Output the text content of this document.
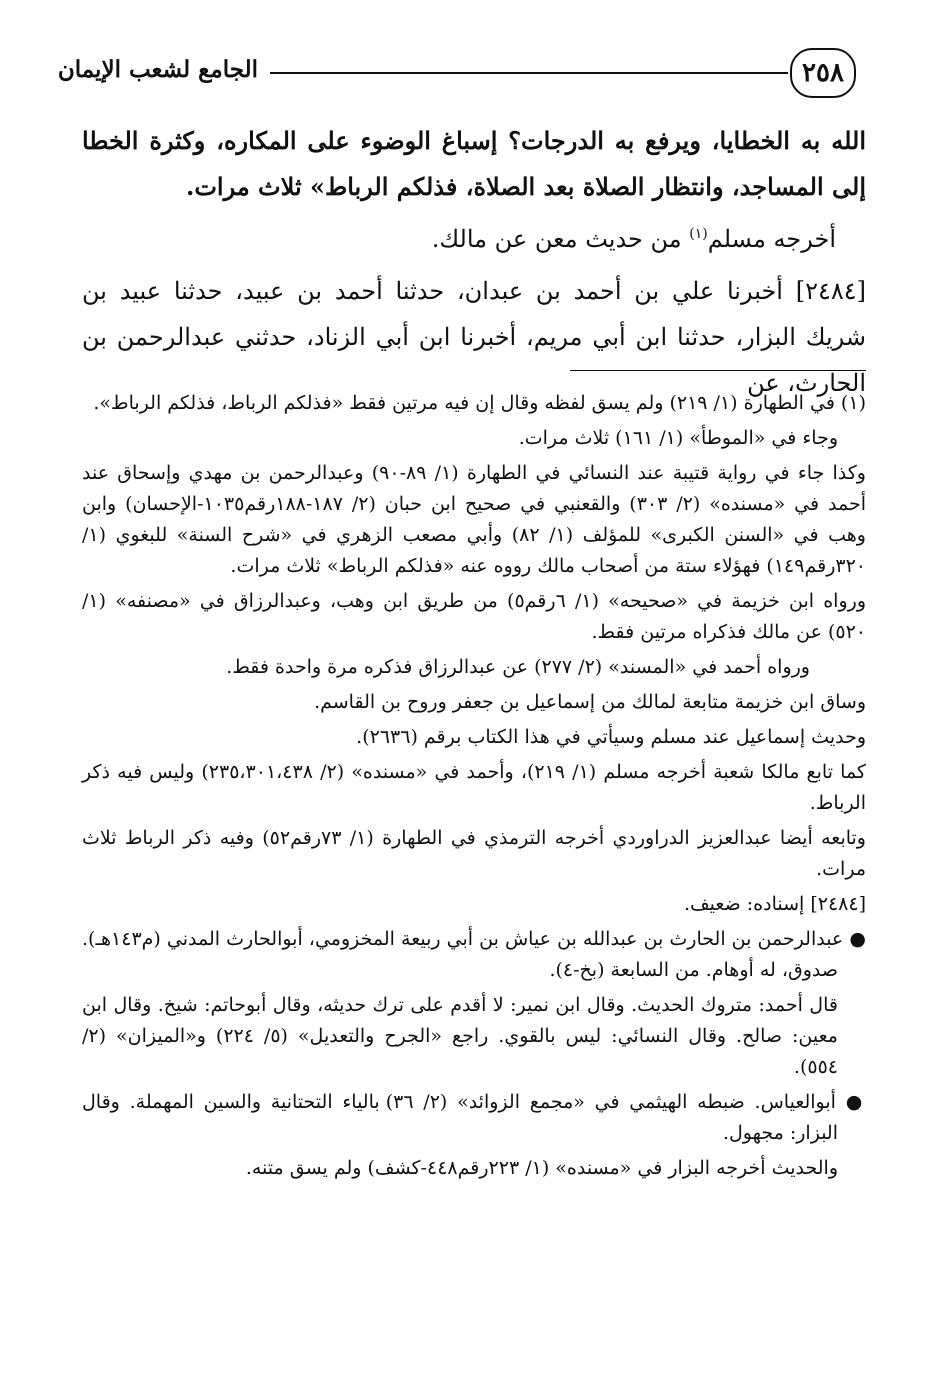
٢٥٨
الجامع لشعب الإيمان

الله به الخطايا، ويرفع به الدرجات؟ إسباغ الوضوء على المكاره، وكثرة الخطا إلى المساجد، وانتظار الصلاة بعد الصلاة، فذلكم الرباط» ثلاث مرات.

أخرجه مسلم$^{(١)}$ من حديث معن عن مالك.

[٢٤٨٤] أخبرنا علي بن أحمد بن عبدان، حدثنا أحمد بن عبيد، حدثنا عبيد بن شريك البزار، حدثنا ابن أبي مريم، أخبرنا ابن أبي الزناد، حدثني عبدالرحمن بن الحارث، عن

(١) في الطهارة (١/ ٢١٩) ولم يسق لفظه وقال إن فيه مرتين فقط «فذلكم الرباط، فذلكم الرباط».

وجاء في «الموطأ» (١/ ١٦١) ثلاث مرات.

وكذا جاء في رواية قتيبة عند النسائي في الطهارة (١/ ٨٩-٩٠) وعبدالرحمن بن مهدي وإسحاق عند أحمد في «مسنده» (٢/ ٣٠٣) والقعنبي في صحيح ابن حبان (٢/ ١٨٧-١٨٨رقم١٠٣٥-الإحسان) وابن وهب في «السنن الكبرى» للمؤلف (١/ ٨٢) وأبي مصعب الزهري في «شرح السنة» للبغوي (١/ ٣٢٠رقم١٤٩) فهؤلاء ستة من أصحاب مالك رووه عنه «فذلكم الرباط» ثلاث مرات.

ورواه ابن خزيمة في «صحيحه» (١/ ٦رقم٥) من طريق ابن وهب، وعبدالرزاق في «مصنفه» (١/ ٥٢٠) عن مالك فذكراه مرتين فقط.

ورواه أحمد في «المسند» (٢/ ٢٧٧) عن عبدالرزاق فذكره مرة واحدة فقط.

وساق ابن خزيمة متابعة لمالك من إسماعيل بن جعفر وروح بن القاسم.

وحديث إسماعيل عند مسلم وسيأتي في هذا الكتاب برقم (٢٦٣٦).

كما تابع مالكا شعبة أخرجه مسلم (١/ ٢١٩)، وأحمد في «مسنده» (٢/ ٢٣٥،٣٠١،٤٣٨) وليس فيه ذكر الرباط.

وتابعه أيضا عبدالعزيز الدراوردي أخرجه الترمذي في الطهارة (١/ ٧٣رقم٥٢) وفيه ذكر الرباط ثلاث مرات.

[٢٤٨٤] إسناده: ضعيف.

● عبدالرحمن بن الحارث بن عبدالله بن عياش بن أبي ربيعة المخزومي، أبوالحارث المدني (م١٤٣هـ). صدوق، له أوهام. من السابعة (بخ-٤).

قال أحمد: متروك الحديث. وقال ابن نمير: لا أقدم على ترك حديثه، وقال أبوحاتم: شيخ. وقال ابن معين: صالح. وقال النسائي: ليس بالقوي. راجع «الجرح والتعديل» (٥/ ٢٢٤) و«الميزان» (٢/ ٥٥٤).

● أبوالعياس. ضبطه الهيثمي في «مجمع الزوائد» (٢/ ٣٦) بالياء التحتانية والسين المهملة. وقال البزار: مجهول.

والحديث أخرجه البزار في «مسنده» (١/ ٢٢٣رقم٤٤٨-كشف) ولم يسق متنه.
